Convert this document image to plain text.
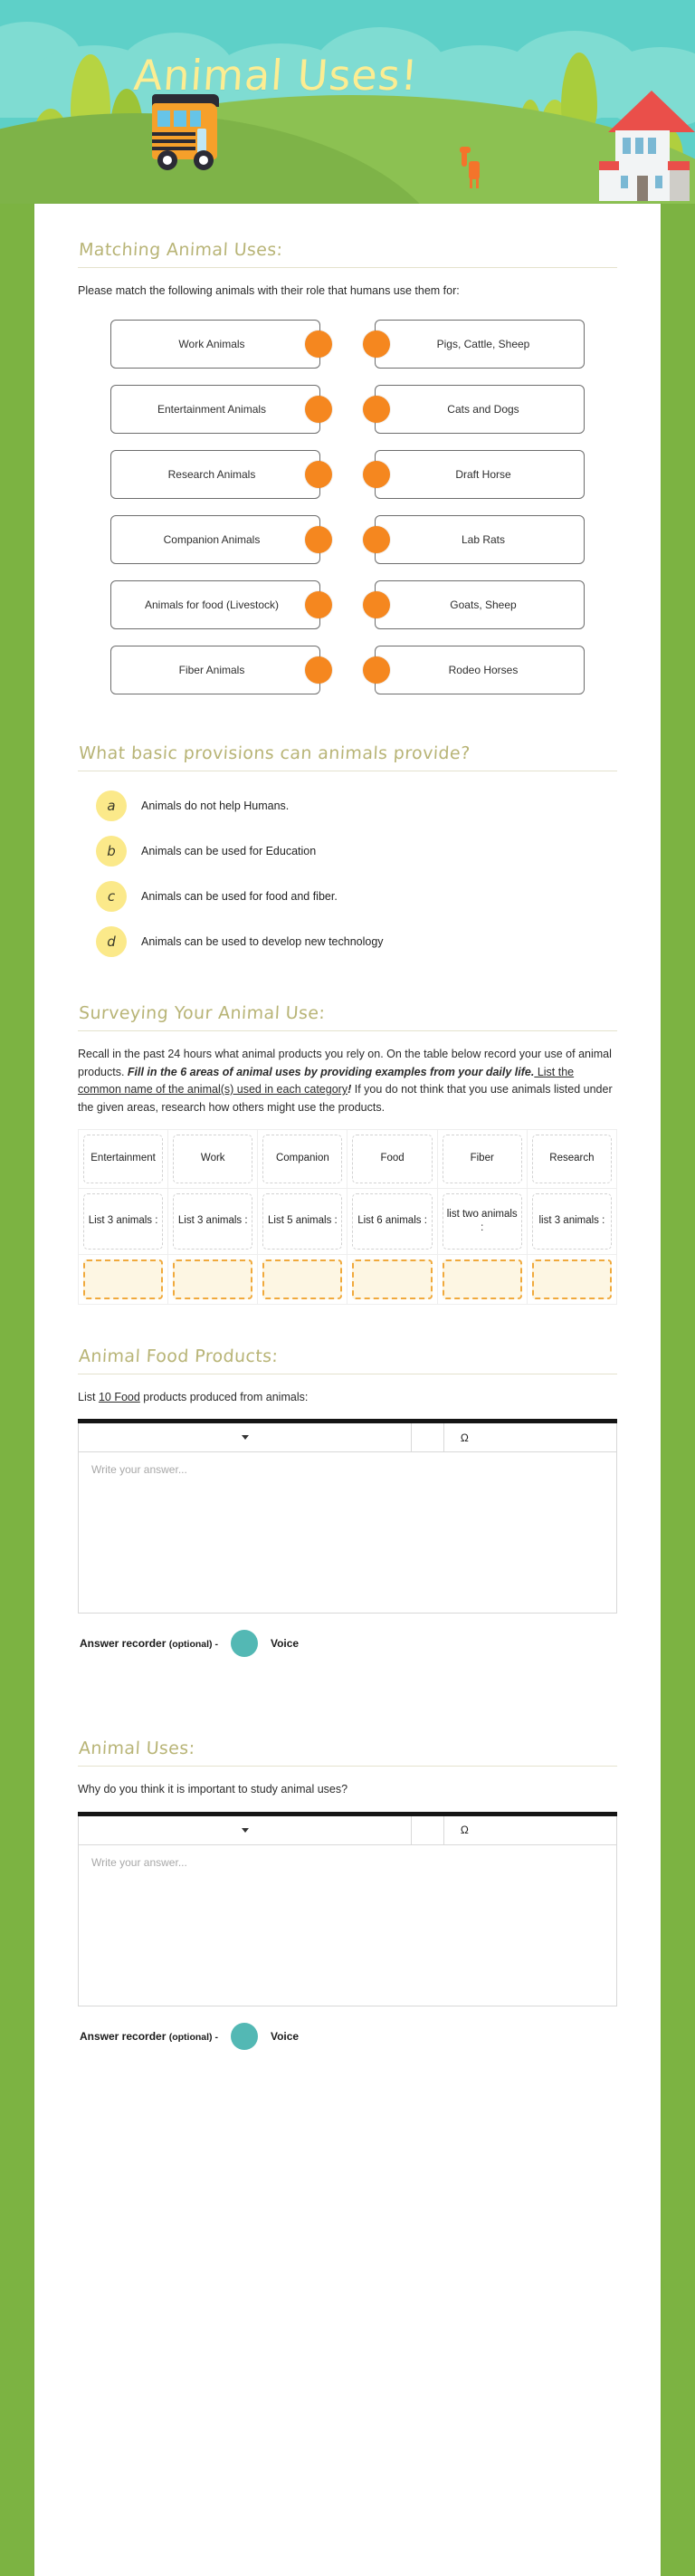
Animal Uses!
Matching Animal Uses:

Please match the following animals with their role that humans use them for:

Work Animals
Entertainment Animals
Research Animals
Companion Animals
Animals for food (Livestock)
Fiber Animals
Pigs, Cattle, Sheep
Cats and Dogs
Draft Horse
Lab Rats
Goats, Sheep
Rodeo Horses
What basic provisions can animals provide?
a	Animals do not help Humans.
b	Animals can be used for Education
c	Animals can be used for food and fiber.
d	Animals can be used to develop new technology
Surveying Your Animal Use:

Recall in the past 24 hours what animal products you rely on. On the table below record your use of animal products. Fill in the 6 areas of animal uses by providing examples from your daily life. List the common name of the animal(s) used in each category! If you do not think that you use animals listed under the given areas, research how others might use the products.

Entertainment	Work	Companion	Food	Fiber	Research

List 3 animals :	List 3 animals :	List 5 animals :	List 6 animals :	list two animals :	list 3 animals :

Animal Food Products:

List 10 Food products produced from animals:

Ω
Write your answer...
Answer recorder (optional) -	Voice
Animal Uses:

Why do you think it is important to study animal uses?

Ω
Write your answer...
Answer recorder (optional) -	Voice
